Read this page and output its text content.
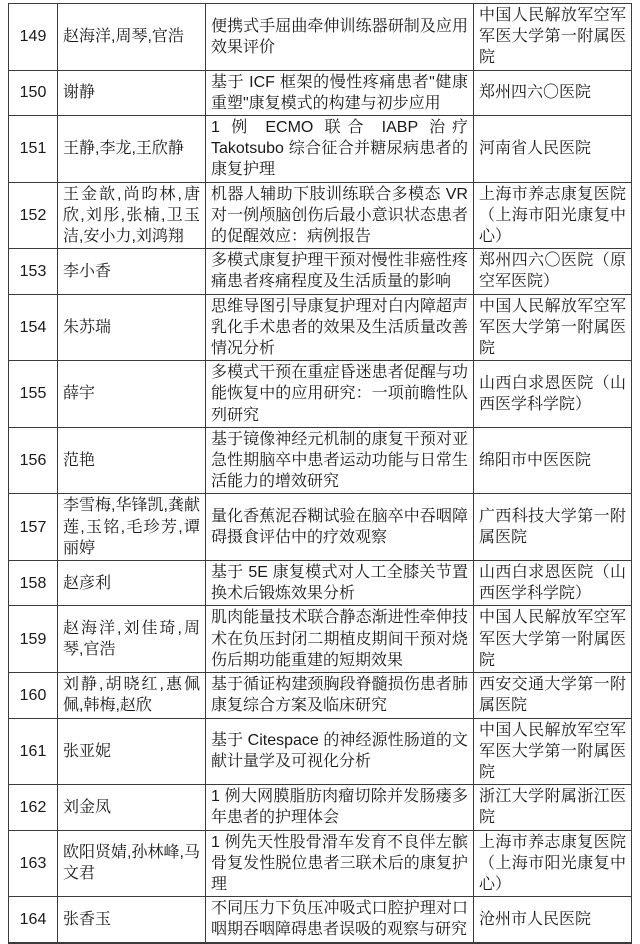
149	赵海洋,周琴,官浩	便携式手屈曲牵伸训练器研制及应用效果评价	中国人民解放军空军军医大学第一附属医院
150	谢静	基于 ICF 框架的慢性疼痛患者"健康重塑"康复模式的构建与初步应用	郑州四六〇医院
151	王静,李龙,王欣静	1 例 ECMO 联合 IABP 治疗 Takotsubo 综合征合并糖尿病患者的康复护理	河南省人民医院
152	王金歆,尚昀林,唐欣,刘彤,张楠,卫玉洁,安小力,刘鸿翔	机器人辅助下肢训练联合多模态 VR 对一例颅脑创伤后最小意识状态患者的促醒效应：病例报告	上海市养志康复医院（上海市阳光康复中心）
153	李小香	多模式康复护理干预对慢性非癌性疼痛患者疼痛程度及生活质量的影响	郑州四六〇医院（原空军医院）
154	朱苏瑞	思维导图引导康复护理对白内障超声乳化手术患者的效果及生活质量改善情况分析	中国人民解放军空军军医大学第一附属医院
155	薛宇	多模式干预在重症昏迷患者促醒与功能恢复中的应用研究：一项前瞻性队列研究	山西白求恩医院（山西医学科学院）
156	范艳	基于镜像神经元机制的康复干预对亚急性期脑卒中患者运动功能与日常生活能力的增效研究	绵阳市中医医院
157	李雪梅,华锋凯,龚献莲,玉铭,毛珍芳,谭丽婷	量化香蕉泥吞糊试验在脑卒中吞咽障碍摄食评估中的疗效观察	广西科技大学第一附属医院
158	赵彦利	基于 5E 康复模式对人工全膝关节置换术后锻炼效果分析	山西白求恩医院（山西医学科学院）
159	赵海洋,刘佳琦,周琴,官浩	肌肉能量技术联合静态渐进性牵伸技术在负压封闭二期植皮期间干预对烧伤后期功能重建的短期效果	中国人民解放军空军军医大学第一附属医院
160	刘静,胡晓红,惠佩佩,韩梅,赵欣	基于循证构建颈胸段脊髓损伤患者肺康复综合方案及临床研究	西安交通大学第一附属医院
161	张亚妮	基于 Citespace 的神经源性肠道的文献计量学及可视化分析	中国人民解放军空军军医大学第一附属医院
162	刘金凤	1 例大网膜脂肪肉瘤切除并发肠瘘多年患者的护理体会	浙江大学附属浙江医院
163	欧阳贤婧,孙林峰,马文君	1 例先天性股骨滑车发育不良伴左髌骨复发性脱位患者三联术后的康复护理	上海市养志康复医院（上海市阳光康复中心）
164	张香玉	不同压力下负压冲吸式口腔护理对口咽期吞咽障碍患者误吸的观察与研究	沧州市人民医院
